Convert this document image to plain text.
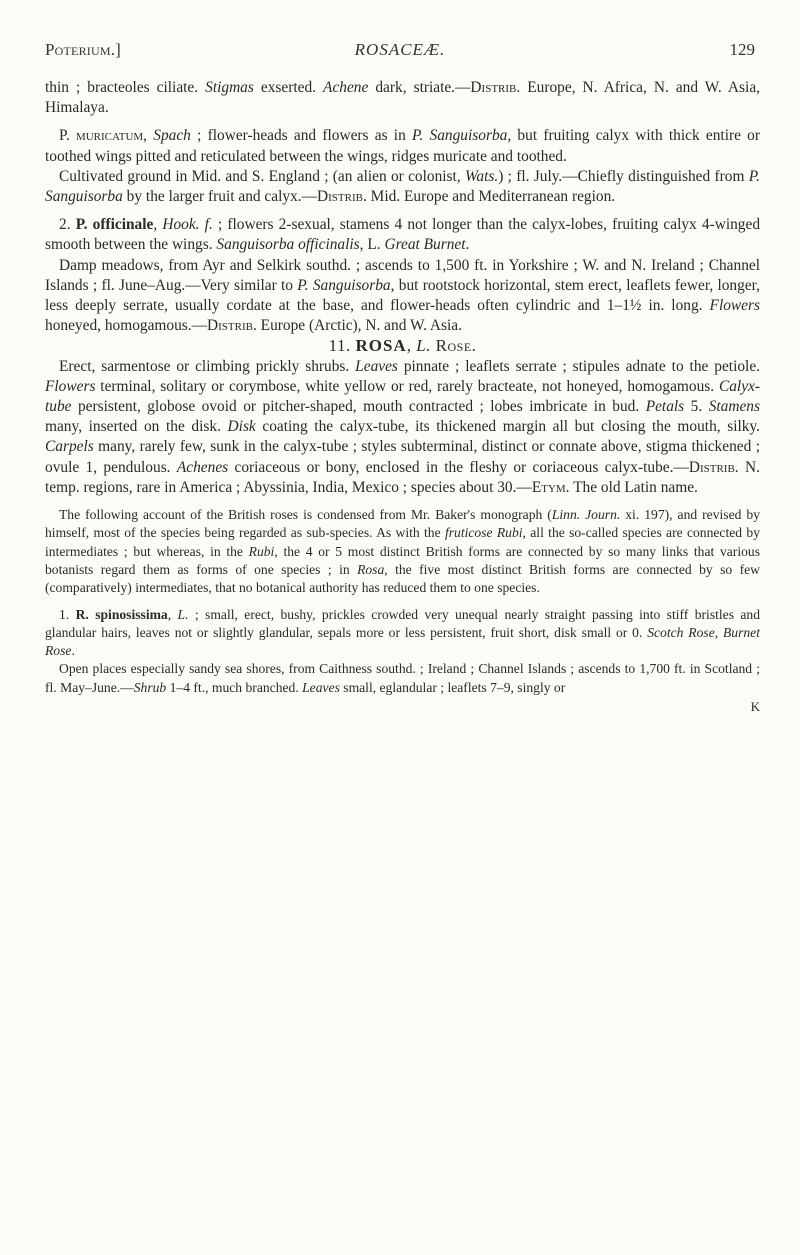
Poterium.]	ROSACEÆ.	129

thin ; bracteoles ciliate. Stigmas exserted. Achene dark, striate.—Distrib. Europe, N. Africa, N. and W. Asia, Himalaya.

P. muricatum, Spach ; flower-heads and flowers as in P. Sanguisorba, but fruiting calyx with thick entire or toothed wings pitted and reticulated between the wings, ridges muricate and toothed.

Cultivated ground in Mid. and S. England ; (an alien or colonist, Wats.) ; fl. July.—Chiefly distinguished from P. Sanguisorba by the larger fruit and calyx.—Distrib. Mid. Europe and Mediterranean region.

2. P. officinale, Hook. f. ; flowers 2-sexual, stamens 4 not longer than the calyx-lobes, fruiting calyx 4-winged smooth between the wings. Sanguisorba officinalis, L. Great Burnet.

Damp meadows, from Ayr and Selkirk southd. ; ascends to 1,500 ft. in Yorkshire ; W. and N. Ireland ; Channel Islands ; fl. June–Aug.—Very similar to P. Sanguisorba, but rootstock horizontal, stem erect, leaflets fewer, longer, less deeply serrate, usually cordate at the base, and flower-heads often cylindric and 1–1½ in. long. Flowers honeyed, homogamous.—Distrib. Europe (Arctic), N. and W. Asia.

11. ROSA, L. Rose.

Erect, sarmentose or climbing prickly shrubs. Leaves pinnate ; leaflets serrate ; stipules adnate to the petiole. Flowers terminal, solitary or corymbose, white yellow or red, rarely bracteate, not honeyed, homogamous. Calyx-tube persistent, globose ovoid or pitcher-shaped, mouth contracted ; lobes imbricate in bud. Petals 5. Stamens many, inserted on the disk. Disk coating the calyx-tube, its thickened margin all but closing the mouth, silky. Carpels many, rarely few, sunk in the calyx-tube ; styles subterminal, distinct or connate above, stigma thickened ; ovule 1, pendulous. Achenes coriaceous or bony, enclosed in the fleshy or coriaceous calyx-tube.—Distrib. N. temp. regions, rare in America ; Abyssinia, India, Mexico ; species about 30.—Etym. The old Latin name.

The following account of the British roses is condensed from Mr. Baker's monograph (Linn. Journ. xi. 197), and revised by himself, most of the species being regarded as sub-species. As with the fruticose Rubi, all the so-called species are connected by intermediates ; but whereas, in the Rubi, the 4 or 5 most distinct British forms are connected by so many links that various botanists regard them as forms of one species ; in Rosa, the five most distinct British forms are connected by so few (comparatively) intermediates, that no botanical authority has reduced them to one species.

1. R. spinosissima, L. ; small, erect, bushy, prickles crowded very unequal nearly straight passing into stiff bristles and glandular hairs, leaves not or slightly glandular, sepals more or less persistent, fruit short, disk small or 0. Scotch Rose, Burnet Rose.

Open places especially sandy sea shores, from Caithness southd. ; Ireland ; Channel Islands ; ascends to 1,700 ft. in Scotland ; fl. May–June.—Shrub 1–4 ft., much branched. Leaves small, eglandular ; leaflets 7–9, singly or

K
